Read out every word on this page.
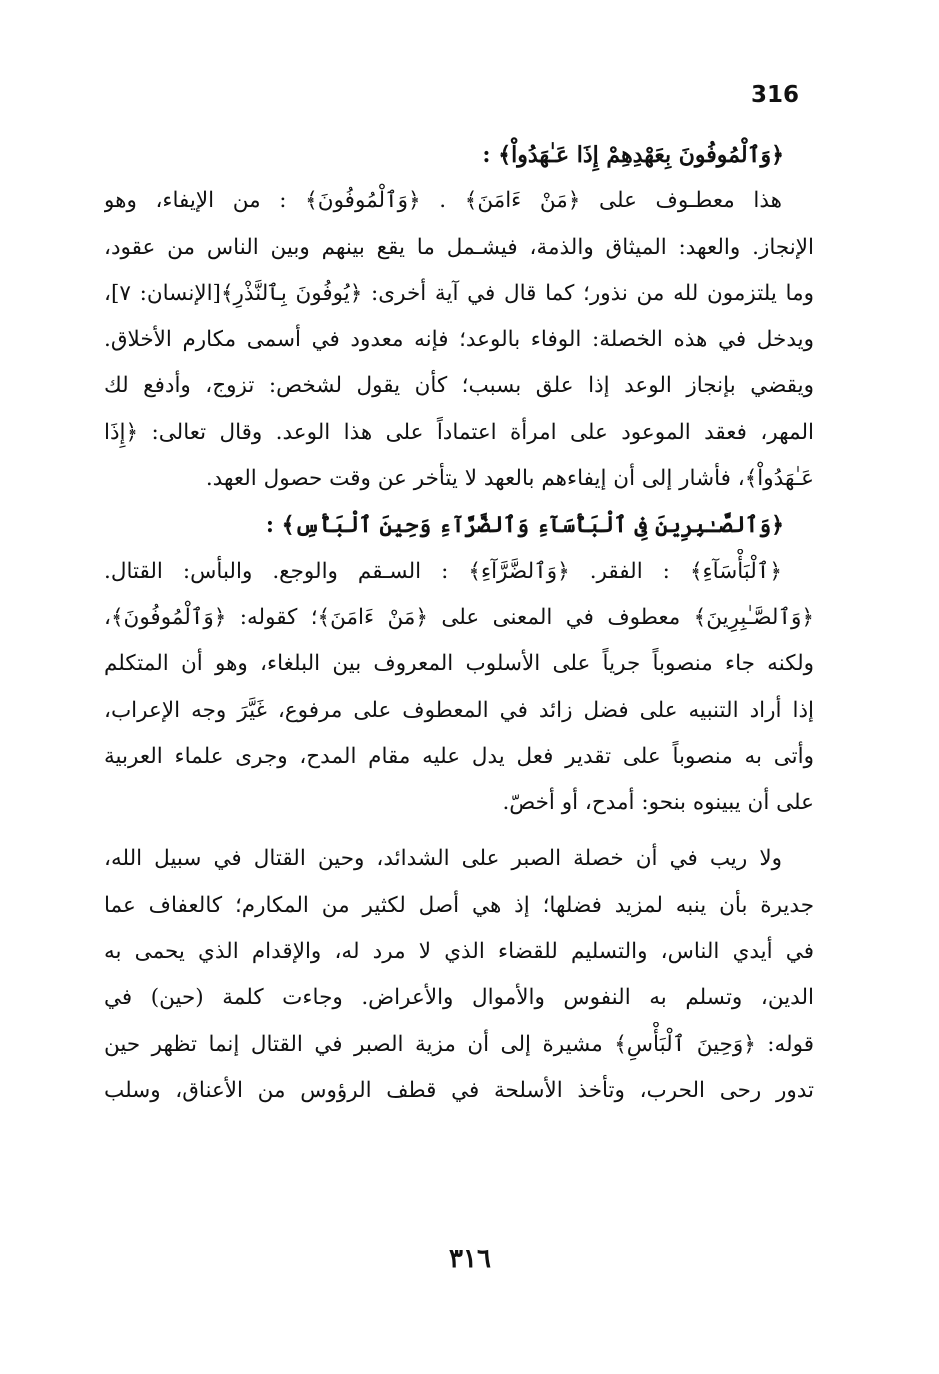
316
﴿وَٱلْمُوفُونَ بِعَهْدِهِمْ إِذَا عَـٰهَدُواْ﴾ :
هذا معطـوف على ﴿مَنْ ءَامَنَ﴾ . ﴿وَٱلْمُوفُونَ﴾ : من الإيفاء، وهو
الإنجاز. والعهد: الميثاق والذمة، فيشـمل ما يقع بينهم وبين الناس من عقود،
وما يلتزمون لله من نذور؛ كما قال في آية أخرى: ﴿يُوفُونَ بِٱلنَّذْرِ﴾[الإنسان: ٧]،
ويدخل في هذه الخصلة: الوفاء بالوعد؛ فإنه معدود في أسمى مكارم الأخلاق.
ويقضي بإنجاز الوعد إذا علق بسبب؛ كأن يقول لشخص: تزوج، وأدفع لك
المهر، فعقد الموعود على امرأة اعتماداً على هذا الوعد. وقال تعالى: ﴿إِذَا
عَـٰهَدُواْ﴾، فأشار إلى أن إيفاءهم بالعهد لا يتأخر عن وقت حصول العهد.
﴿وَٱلصَّـٰبِرِينَ فِى ٱلْبَأْسَآءِ وَٱلضَّرَّآءِ وَحِينَ ٱلْبَأْسِ﴾ :
﴿ٱلْبَأْسَآءِ﴾ : الفقر. ﴿وَٱلضَّرَّآءِ﴾ : السـقم والوجع. والبأس: القتال.
﴿وَٱلصَّـٰبِرِينَ﴾ معطوف في المعنى على ﴿مَنْ ءَامَنَ﴾؛ كقوله: ﴿وَٱلْمُوفُونَ﴾،
ولكنه جاء منصوباً جرياً على الأسلوب المعروف بين البلغاء، وهو أن المتكلم
إذا أراد التنبيه على فضل زائد في المعطوف على مرفوع، غَيَّرَ وجه الإعراب،
وأتى به منصوباً على تقدير فعل يدل عليه مقام المدح، وجرى علماء العربية
على أن يبينوه بنحو: أمدح، أو أخصّ.
ولا ريب في أن خصلة الصبر على الشدائد، وحين القتال في سبيل الله،
جديرة بأن ينبه لمزيد فضلها؛ إذ هي أصل لكثير من المكارم؛ كالعفاف عما
في أيدي الناس، والتسليم للقضاء الذي لا مرد له، والإقدام الذي يحمى به
الدين، وتسلم به النفوس والأموال والأعراض. وجاءت كلمة (حين) في
قوله: ﴿وَحِينَ ٱلْبَأْسِ﴾ مشيرة إلى أن مزية الصبر في القتال إنما تظهر حين
تدور رحى الحرب، وتأخذ الأسلحة في قطف الرؤوس من الأعناق، وسلب
٣١٦
